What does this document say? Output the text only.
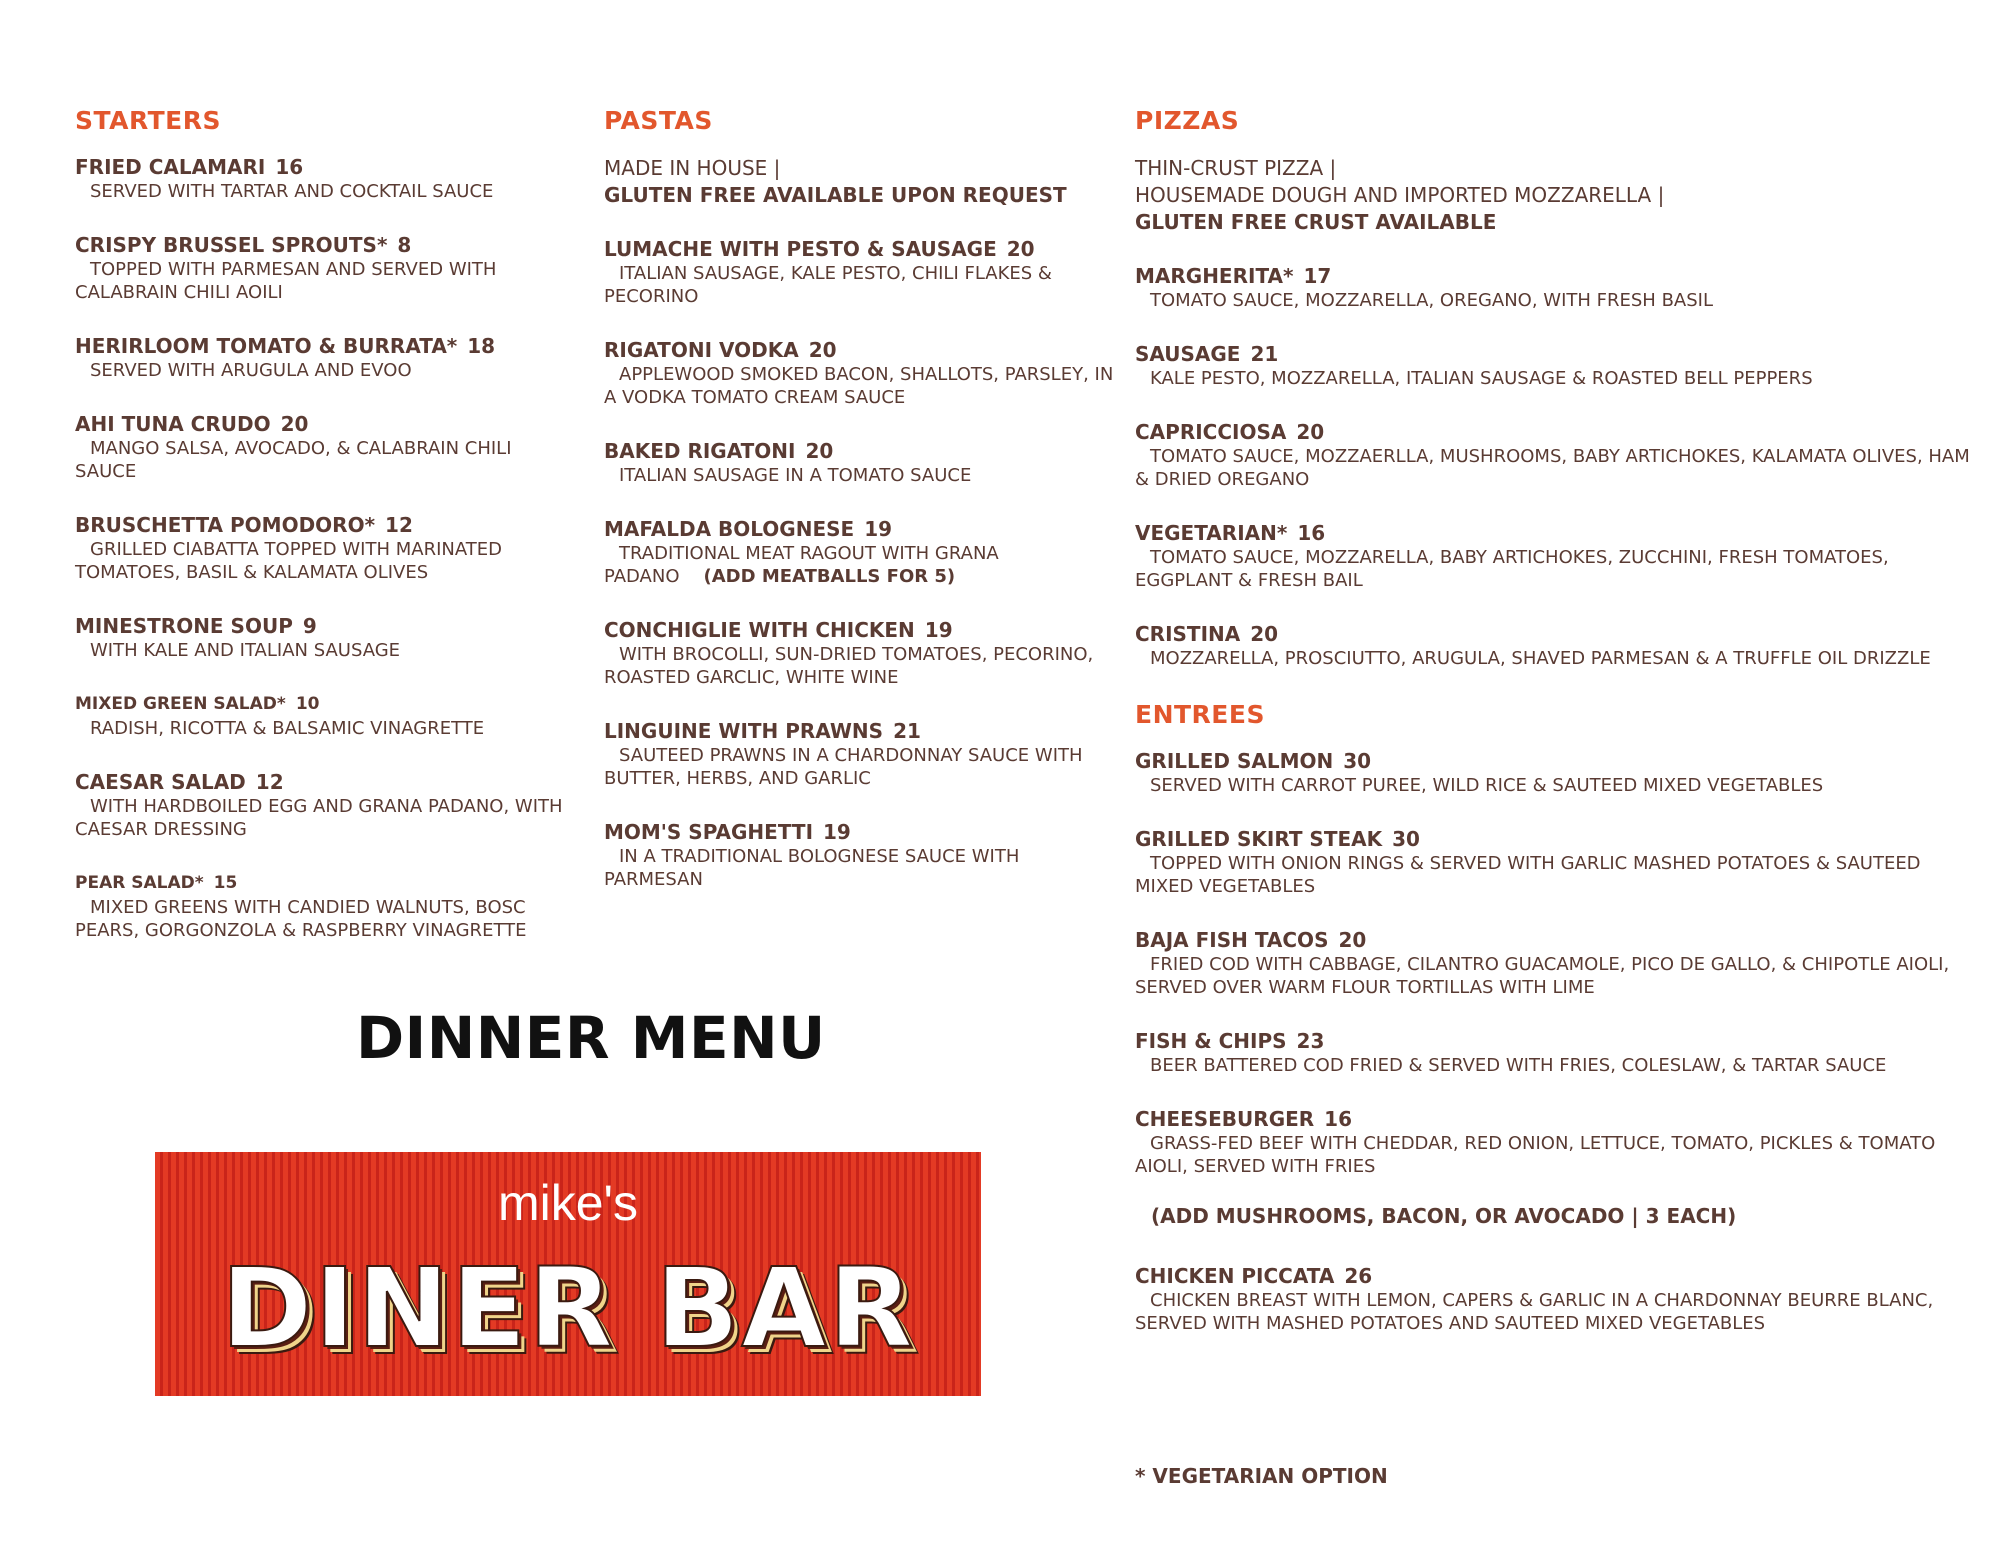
STARTERS
FRIED CALAMARI 16
SERVED WITH TARTAR AND COCKTAIL SAUCE
CRISPY BRUSSEL SPROUTS* 8
TOPPED WITH PARMESAN AND SERVED WITH CALABRAIN CHILI AOILI
HERIRLOOM TOMATO & BURRATA* 18
SERVED WITH ARUGULA AND EVOO
AHI TUNA CRUDO 20
MANGO SALSA, AVOCADO, & CALABRAIN CHILI SAUCE
BRUSCHETTA POMODORO* 12
GRILLED CIABATTA TOPPED WITH MARINATED TOMATOES, BASIL & KALAMATA OLIVES
MINESTRONE SOUP 9
WITH KALE AND ITALIAN SAUSAGE
MIXED GREEN SALAD* 10
RADISH, RICOTTA & BALSAMIC VINAGRETTE
CAESAR SALAD 12
WITH HARDBOILED EGG AND GRANA PADANO, WITH CAESAR DRESSING
PEAR SALAD* 15
MIXED GREENS WITH CANDIED WALNUTS, BOSC PEARS, GORGONZOLA & RASPBERRY VINAGRETTE
PASTAS
MADE IN HOUSE |
GLUTEN FREE AVAILABLE UPON REQUEST
LUMACHE WITH PESTO & SAUSAGE 20
ITALIAN SAUSAGE, KALE PESTO, CHILI FLAKES & PECORINO
RIGATONI VODKA 20
APPLEWOOD SMOKED BACON, SHALLOTS, PARSLEY, IN A VODKA TOMATO CREAM SAUCE
BAKED RIGATONI 20
ITALIAN SAUSAGE IN A TOMATO SAUCE
MAFALDA BOLOGNESE 19
TRADITIONAL MEAT RAGOUT WITH GRANA PADANO (ADD MEATBALLS FOR 5)
CONCHIGLIE WITH CHICKEN 19
WITH BROCOLLI, SUN-DRIED TOMATOES, PECORINO, ROASTED GARCLIC, WHITE WINE
LINGUINE WITH PRAWNS 21
SAUTEED PRAWNS IN A CHARDONNAY SAUCE WITH BUTTER, HERBS, AND GARLIC
MOM'S SPAGHETTI 19
IN A TRADITIONAL BOLOGNESE SAUCE WITH PARMESAN
PIZZAS
THIN-CRUST PIZZA |
HOUSEMADE DOUGH AND IMPORTED MOZZARELLA |
GLUTEN FREE CRUST AVAILABLE
MARGHERITA* 17
TOMATO SAUCE, MOZZARELLA, OREGANO, WITH FRESH BASIL
SAUSAGE 21
KALE PESTO, MOZZARELLA, ITALIAN SAUSAGE & ROASTED BELL PEPPERS
CAPRICCIOSA 20
TOMATO SAUCE, MOZZAERLLA, MUSHROOMS, BABY ARTICHOKES, KALAMATA OLIVES, HAM & DRIED OREGANO
VEGETARIAN* 16
TOMATO SAUCE, MOZZARELLA, BABY ARTICHOKES, ZUCCHINI, FRESH TOMATOES, EGGPLANT & FRESH BAIL
CRISTINA 20
MOZZARELLA, PROSCIUTTO, ARUGULA, SHAVED PARMESAN & A TRUFFLE OIL DRIZZLE
ENTREES
GRILLED SALMON 30
SERVED WITH CARROT PUREE, WILD RICE & SAUTEED MIXED VEGETABLES
GRILLED SKIRT STEAK 30
TOPPED WITH ONION RINGS & SERVED WITH GARLIC MASHED POTATOES & SAUTEED MIXED VEGETABLES
BAJA FISH TACOS 20
FRIED COD WITH CABBAGE, CILANTRO GUACAMOLE, PICO DE GALLO, & CHIPOTLE AIOLI, SERVED OVER WARM FLOUR TORTILLAS WITH LIME
FISH & CHIPS 23
BEER BATTERED COD FRIED & SERVED WITH FRIES, COLESLAW, & TARTAR SAUCE
CHEESEBURGER 16
GRASS-FED BEEF WITH CHEDDAR, RED ONION, LETTUCE, TOMATO, PICKLES & TOMATO AIOLI, SERVED WITH FRIES
(ADD MUSHROOMS, BACON, OR AVOCADO | 3 EACH)
CHICKEN PICCATA 26
CHICKEN BREAST WITH LEMON, CAPERS & GARLIC IN A CHARDONNAY BEURRE BLANC, SERVED WITH MASHED POTATOES AND SAUTEED MIXED VEGETABLES
DINNER MENU
mike's
DINER BAR
* VEGETARIAN OPTION
